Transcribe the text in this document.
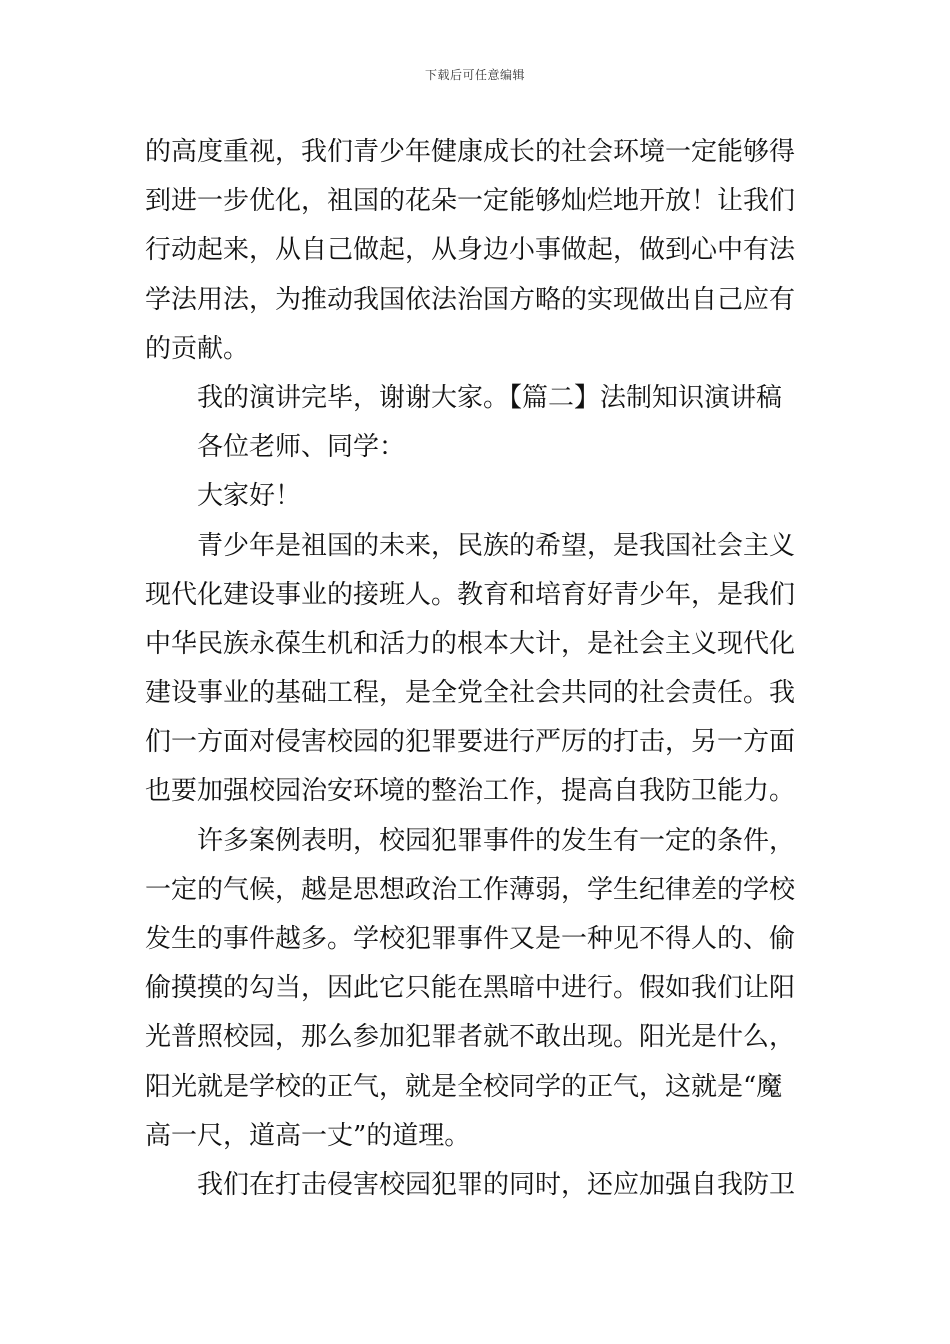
下载后可任意编辑
的高度重视，我们青少年健康成长的社会环境一定能够得
到进一步优化，祖国的花朵一定能够灿烂地开放！让我们
行动起来，从自己做起，从身边小事做起，做到心中有法
学法用法，为推动我国依法治国方略的实现做出自己应有
的贡献。
我的演讲完毕，谢谢大家。【篇二】法制知识演讲稿
各位老师、同学：
大家好！
青少年是祖国的未来，民族的希望，是我国社会主义
现代化建设事业的接班人。教育和培育好青少年，是我们
中华民族永葆生机和活力的根本大计，是社会主义现代化
建设事业的基础工程，是全党全社会共同的社会责任。我
们一方面对侵害校园的犯罪要进行严厉的打击，另一方面
也要加强校园治安环境的整治工作，提高自我防卫能力。
许多案例表明，校园犯罪事件的发生有一定的条件，
一定的气候，越是思想政治工作薄弱，学生纪律差的学校
发生的事件越多。学校犯罪事件又是一种见不得人的、偷
偷摸摸的勾当，因此它只能在黑暗中进行。假如我们让阳
光普照校园，那么参加犯罪者就不敢出现。阳光是什么，
阳光就是学校的正气，就是全校同学的正气，这就是“魔
高一尺，道高一丈”的道理。
我们在打击侵害校园犯罪的同时，还应加强自我防卫
